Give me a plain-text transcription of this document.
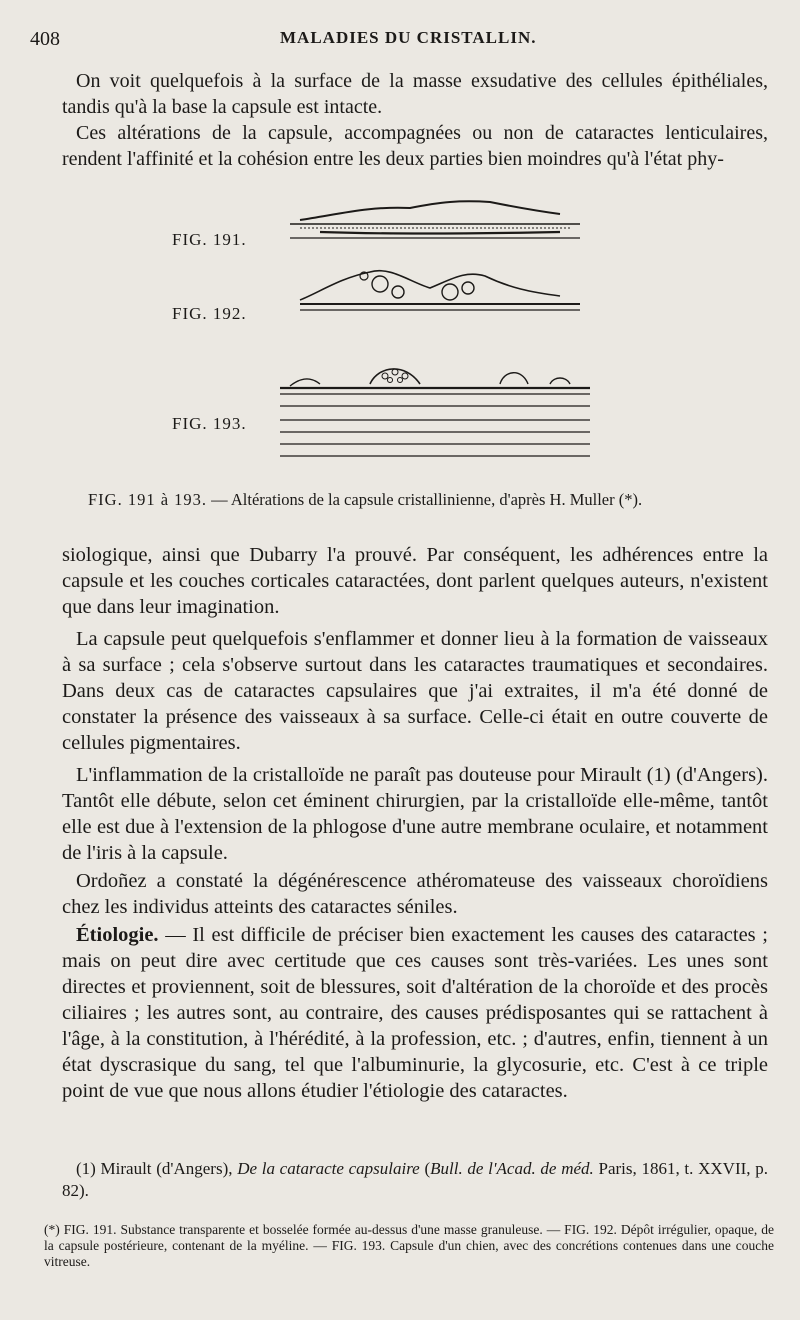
408	MALADIES DU CRISTALLIN.

On voit quelquefois à la surface de la masse exsudative des cellules épithéliales, tandis qu'à la base la capsule est intacte.

Ces altérations de la capsule, accompagnées ou non de cataractes lenticulaires, rendent l'affinité et la cohésion entre les deux parties bien moindres qu'à l'état phy-

FIG. 191.
FIG. 192.
FIG. 193.
FIG. 191 à 193. — Altérations de la capsule cristallinienne, d'après H. Muller (*).

siologique, ainsi que Dubarry l'a prouvé. Par conséquent, les adhérences entre la capsule et les couches corticales cataractées, dont parlent quelques auteurs, n'existent que dans leur imagination.

La capsule peut quelquefois s'enflammer et donner lieu à la formation de vaisseaux à sa surface ; cela s'observe surtout dans les cataractes traumatiques et secondaires. Dans deux cas de cataractes capsulaires que j'ai extraites, il m'a été donné de constater la présence des vaisseaux à sa surface. Celle-ci était en outre couverte de cellules pigmentaires.

L'inflammation de la cristalloïde ne paraît pas douteuse pour Mirault (1) (d'Angers). Tantôt elle débute, selon cet éminent chirurgien, par la cristalloïde elle-même, tantôt elle est due à l'extension de la phlogose d'une autre membrane oculaire, et notamment de l'iris à la capsule.

Ordoñez a constaté la dégénérescence athéromateuse des vaisseaux choroïdiens chez les individus atteints des cataractes séniles.

Étiologie. — Il est difficile de préciser bien exactement les causes des cataractes ; mais on peut dire avec certitude que ces causes sont très-variées. Les unes sont directes et proviennent, soit de blessures, soit d'altération de la choroïde et des procès ciliaires ; les autres sont, au contraire, des causes prédisposantes qui se rattachent à l'âge, à la constitution, à l'hérédité, à la profession, etc. ; d'autres, enfin, tiennent à un état dyscrasique du sang, tel que l'albuminurie, la glycosurie, etc. C'est à ce triple point de vue que nous allons étudier l'étiologie des cataractes.

(1) Mirault (d'Angers), De la cataracte capsulaire (Bull. de l'Acad. de méd. Paris, 1861, t. XXVII, p. 82).

(*) FIG. 191. Substance transparente et bosselée formée au-dessus d'une masse granuleuse. — FIG. 192. Dépôt irrégulier, opaque, de la capsule postérieure, contenant de la myéline. — FIG. 193. Capsule d'un chien, avec des concrétions contenues dans une couche vitreuse.
